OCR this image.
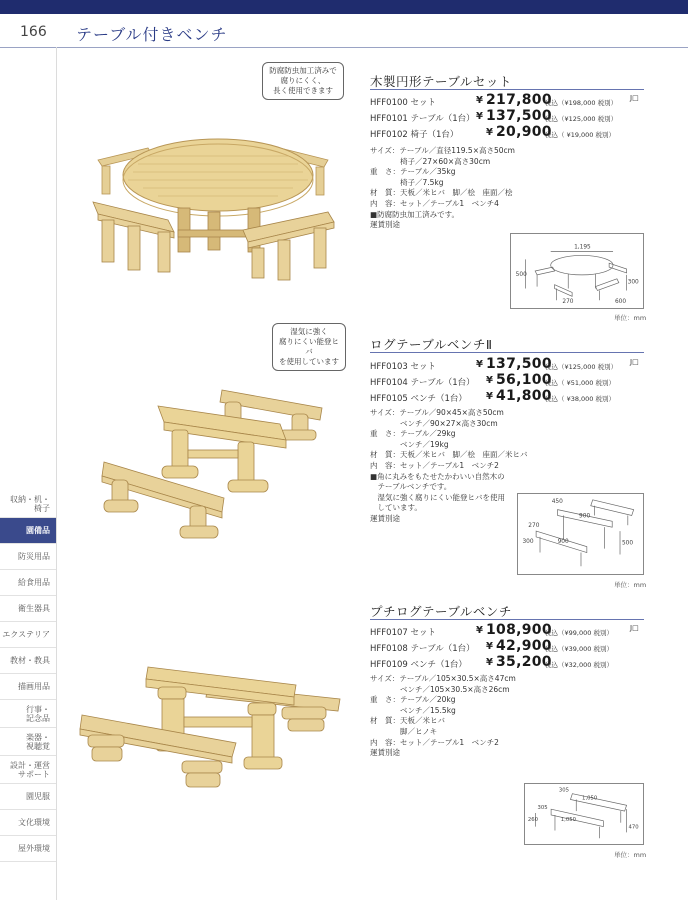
166 テーブル付きベンチ
収納・机・
椅子
園備品
防災用品
給食用品
衛生器具
エクステリア
教材・教具
描画用品
行事・
記念品
楽器・
視聴覚
設計・運営
サポート
園児服
文化環境
屋外環境
防腐防虫加工済みで
腐りにくく、
長く使用できます
木製円形テーブルセット
J□
HFF0100 セット	¥ 217,800
税込（¥198,000 税別）
HFF0101 テーブル（1台） ¥ 137,500
税込（¥125,000 税別）
HFF0102 椅子（1台）	¥ 20,900
税込（ ¥19,000 税別）
サイズ：テーブル／直径119.5×高さ50cm
　　　　椅子／27×60×高さ30cm
重　さ：テーブル／35kg
　　　　椅子／7.5kg
材　質：天板／米ヒバ　脚／桧　座面／桧
内　容：セット／テーブル1　ベンチ4
■防腐防虫加工済みです。
運賃別途
1,195
500
300
270	600
単位：mm
湿気に強く
腐りにくい能登ヒバ
を使用しています
ログテーブルベンチⅡ
J□
HFF0103 セット	¥ 137,500
税込（¥125,000 税別）
HFF0104 テーブル（1台） ¥ 56,100
税込（ ¥51,000 税別）
HFF0105 ベンチ（1台） ¥ 41,800
税込（ ¥38,000 税別）
サイズ：テーブル／90×45×高さ50cm
　　　　ベンチ／90×27×高さ30cm
重　さ：テーブル／29kg
　　　　ベンチ／19kg
材　質：天板／米ヒバ　脚／桧　座面／米ヒバ
内　容：セット／テーブル1　ベンチ2
■角に丸みをもたせたかわいい自然木の
　テーブルベンチです。
　湿気に強く腐りにくい能登ヒバを使用
　しています。
運賃別途
450
900
270
300	900	500
単位：mm
プチログテーブルベンチ
J□
HFF0107 セット	¥ 108,900
税込（¥99,000 税別）
HFF0108 テーブル（1台） ¥ 42,900
税込（¥39,000 税別）
HFF0109 ベンチ（1台） ¥ 35,200
税込（¥32,000 税別）
サイズ：テーブル／105×30.5×高さ47cm
　　　　ベンチ／105×30.5×高さ26cm
重　さ：テーブル／20kg
　　　　ベンチ／15.5kg
材　質：天板／米ヒバ
　　　　脚／ヒノキ
内　容：セット／テーブル1　ベンチ2
運賃別途
305
1,050
305
260	1,050
470
単位：mm
